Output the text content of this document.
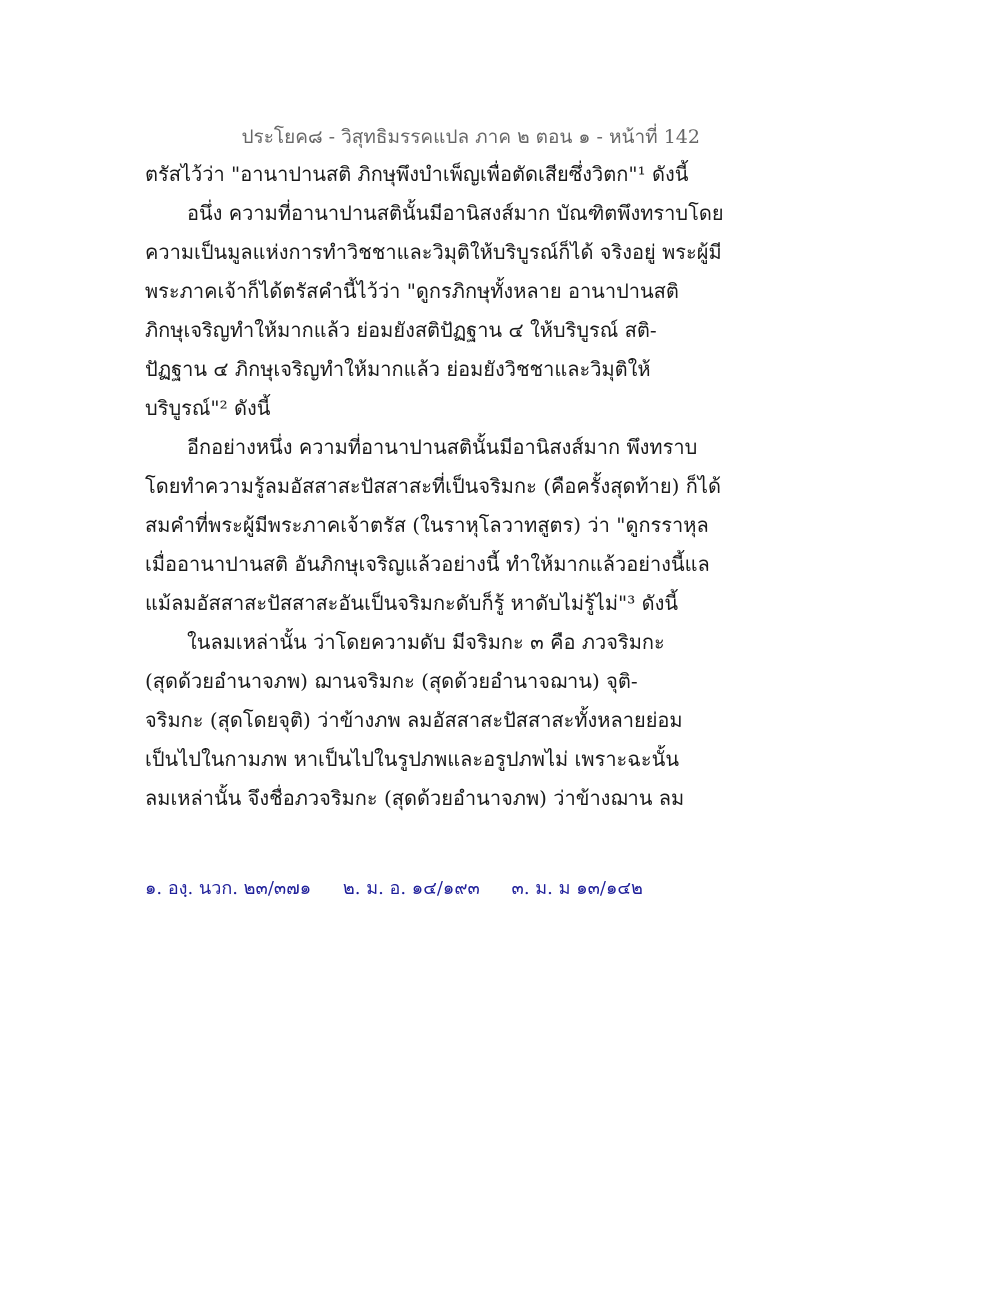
ประโยค๘ - วิสุทธิมรรคแปล ภาค ๒ ตอน ๑ - หน้าที่ 142
ตรัสไว้ว่า "อานาปานสติ ภิกษุพึงบำเพ็ญเพื่อตัดเสียซึ่งวิตก"¹ ดังนี้
อนึ่ง ความที่อานาปานสตินั้นมีอานิสงส์มาก บัณฑิตพึงทราบโดย
ความเป็นมูลแห่งการทำวิชชาและวิมุติให้บริบูรณ์ก็ได้ จริงอยู่ พระผู้มี
พระภาคเจ้าก็ได้ตรัสคำนี้ไว้ว่า "ดูกรภิกษุทั้งหลาย อานาปานสติ
ภิกษุเจริญทำให้มากแล้ว ย่อมยังสติปัฏฐาน ๔ ให้บริบูรณ์ สติ-
ปัฏฐาน ๔ ภิกษุเจริญทำให้มากแล้ว ย่อมยังวิชชาและวิมุติให้
บริบูรณ์"² ดังนี้
อีกอย่างหนึ่ง ความที่อานาปานสตินั้นมีอานิสงส์มาก พึงทราบ
โดยทำความรู้ลมอัสสาสะปัสสาสะที่เป็นจริมกะ (คือครั้งสุดท้าย) ก็ได้
สมคำที่พระผู้มีพระภาคเจ้าตรัส (ในราหุโลวาทสูตร) ว่า "ดูกรราหุล
เมื่ออานาปานสติ อันภิกษุเจริญแล้วอย่างนี้ ทำให้มากแล้วอย่างนี้แล
แม้ลมอัสสาสะปัสสาสะอันเป็นจริมกะดับก็รู้ หาดับไม่รู้ไม่"³ ดังนี้
ในลมเหล่านั้น ว่าโดยความดับ มีจริมกะ ๓ คือ ภวจริมกะ
(สุดด้วยอำนาจภพ) ฌานจริมกะ (สุดด้วยอำนาจฌาน) จุติ-
จริมกะ (สุดโดยจุติ) ว่าข้างภพ ลมอัสสาสะปัสสาสะทั้งหลายย่อม
เป็นไปในกามภพ หาเป็นไปในรูปภพและอรูปภพไม่ เพราะฉะนั้น
ลมเหล่านั้น จึงชื่อภวจริมกะ (สุดด้วยอำนาจภพ) ว่าข้างฌาน ลม
๑. องฺ. นวก. ๒๓/๓๗๑ ๒. ม. อ. ๑๔/๑๙๓ ๓. ม. ม ๑๓/๑๔๒
